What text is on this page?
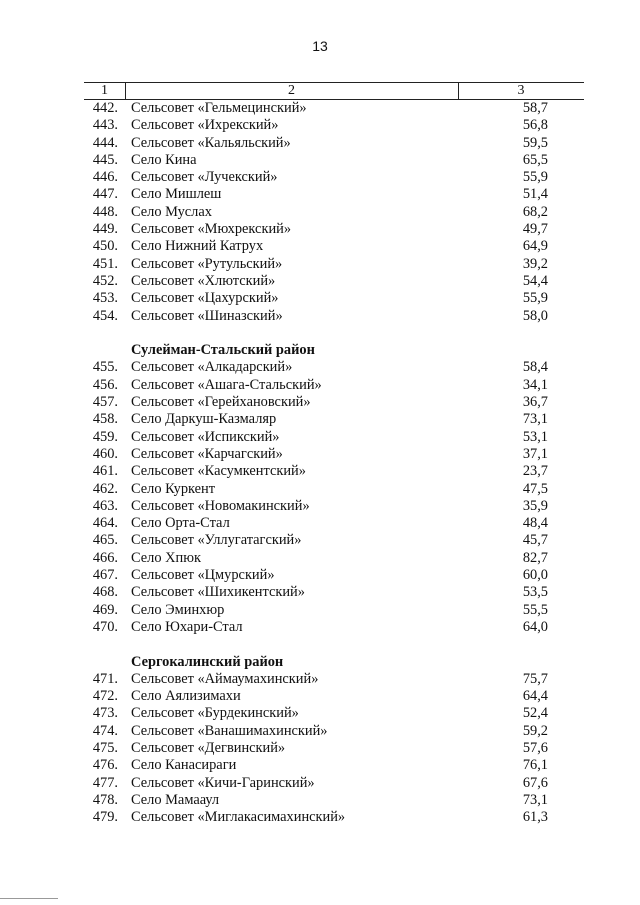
13
1	2	3
442. Сельсовет «Гельмецинский»	58,7
443. Сельсовет «Ихрекский»	56,8
444. Сельсовет «Кальяльский»	59,5
445. Село Кина	65,5
446. Сельсовет «Лучекский»	55,9
447. Село Мишлеш	51,4
448. Село Муслах	68,2
449. Сельсовет «Мюхрекский»	49,7
450. Село Нижний Катрух	64,9
451. Сельсовет «Рутульский»	39,2
452. Сельсовет «Хлютский»	54,4
453. Сельсовет «Цахурский»	55,9
454. Сельсовет «Шиназский»	58,0
Сулейман-Стальский район
455. Сельсовет «Алкадарский»	58,4
456. Сельсовет «Ашага-Стальский»	34,1
457. Сельсовет «Герейхановский»	36,7
458. Село Даркуш-Казмаляр	73,1
459. Сельсовет «Испикский»	53,1
460. Сельсовет «Карчагский»	37,1
461. Сельсовет «Касумкентский»	23,7
462. Село Куркент	47,5
463. Сельсовет «Новомакинский»	35,9
464. Село Орта-Стал	48,4
465. Сельсовет «Уллугатагский»	45,7
466. Село Хпюк	82,7
467. Сельсовет «Цмурский»	60,0
468. Сельсовет «Шихикентский»	53,5
469. Село Эминхюр	55,5
470. Село Юхари-Стал	64,0
Сергокалинский район
471. Сельсовет «Аймаумахинский»	75,7
472. Село Аялизимахи	64,4
473. Сельсовет «Бурдекинский»	52,4
474. Сельсовет «Ванашимахинский»	59,2
475. Сельсовет «Дегвинский»	57,6
476. Село Канасираги	76,1
477. Сельсовет «Кичи-Гаринский»	67,6
478. Село Мамааул	73,1
479. Сельсовет «Миглакасимахинский»	61,3
